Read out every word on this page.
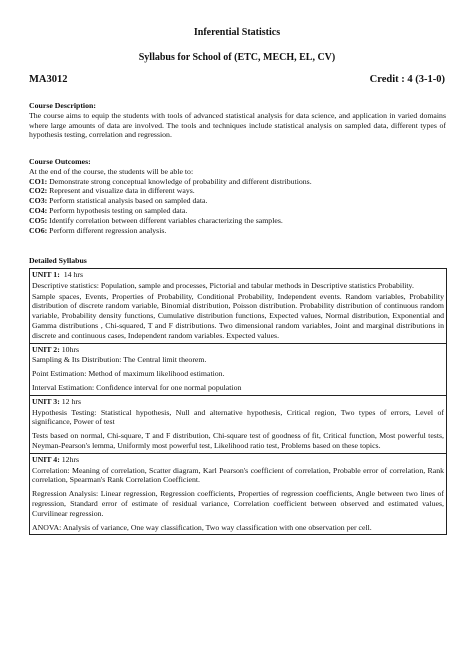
Inferential Statistics
Syllabus for School of (ETC, MECH, EL, CV)
MA3012	Credit : 4 (3-1-0)
Course Description:
The course aims to equip the students with tools of advanced statistical analysis for data science, and application in varied domains where large amounts of data are involved. The tools and techniques include statistical analysis on sampled data, different types of hypothesis testing, correlation and regression.
Course Outcomes:
At the end of the course, the students will be able to:
CO1: Demonstrate strong conceptual knowledge of probability and different distributions.
CO2: Represent and visualize data in different ways.
CO3: Perform statistical analysis based on sampled data.
CO4: Perform hypothesis testing on sampled data.
CO5: Identify correlation between different variables characterizing the samples.
CO6: Perform different regression analysis.
Detailed Syllabus
UNIT 1: 14 hrs
Descriptive statistics: Population, sample and processes, Pictorial and tabular methods in Descriptive statistics Probability.
Sample spaces, Events, Properties of Probability, Conditional Probability, Independent events. Random variables, Probability distribution of discrete random variable, Binomial distribution, Poisson distribution. Probability distribution of continuous random variable, Probability density functions, Cumulative distribution functions, Expected values, Normal distribution, Exponential and Gamma distributions , Chi-squared, T and F distributions. Two dimensional random variables, Joint and marginal distributions in discrete and continuous cases, Independent random variables. Expected values.

UNIT 2: 10hrs
Sampling & Its Distribution: The Central limit theorem.
Point Estimation: Method of maximum likelihood estimation.
Interval Estimation: Confidence interval for one normal population

UNIT 3: 12 hrs
Hypothesis Testing: Statistical hypothesis, Null and alternative hypothesis, Critical region, Two types of errors, Level of significance, Power of test
Tests based on normal, Chi-square, T and F distribution, Chi-square test of goodness of fit, Critical function, Most powerful tests, Neyman-Pearson's lemma, Uniformly most powerful test, Likelihood ratio test, Problems based on these topics.

UNIT 4: 12hrs
Correlation: Meaning of correlation, Scatter diagram, Karl Pearson's coefficient of correlation, Probable error of correlation, Rank correlation, Spearman's Rank Correlation Coefficient.
Regression Analysis: Linear regression, Regression coefficients, Properties of regression coefficients, Angle between two lines of regression, Standard error of estimate of residual variance, Correlation coefficient between observed and estimated values, Curvilinear regression.
ANOVA: Analysis of variance, One way classification, Two way classification with one observation per cell.
